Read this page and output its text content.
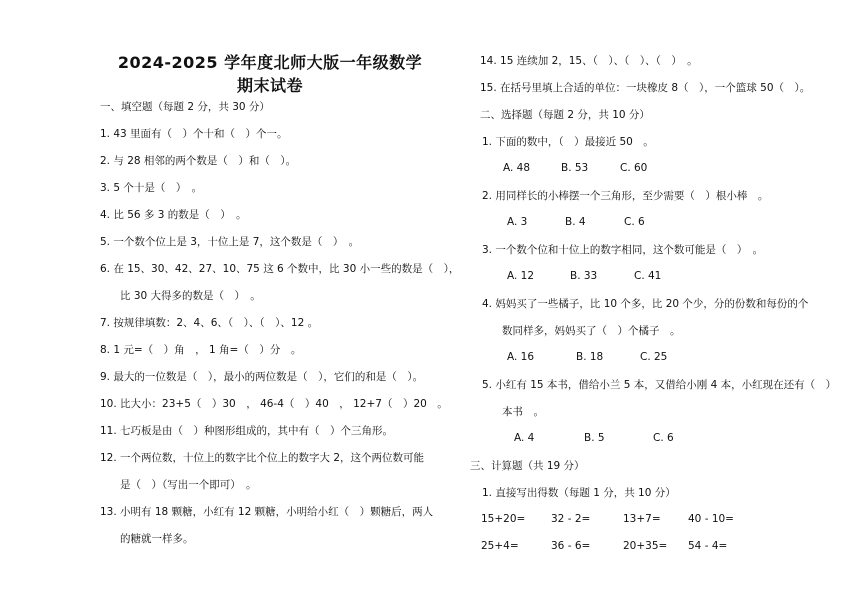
2024-2025 学年度北师大版一年级数学
期末试卷
一、填空题（每题 2 分，共 30 分）
1. 43 里面有（　）个十和（　）个一。
2. 与 28 相邻的两个数是（　）和（　）。
3. 5 个十是（　）　。
4. 比 56 多 3 的数是（　）　。
5. 一个数个位上是 3，十位上是 7，这个数是（　）　。
6. 在 15、30、42、27、10、75 这 6 个数中，比 30 小一些的数是（　），
比 30 大得多的数是（　）　。
7. 按规律填数：2、4、6、（　）、（　）、12 。
8. 1 元=（　）角　， 1 角=（　）分　。
9. 最大的一位数是（　），最小的两位数是（　），它们的和是（　）。
10. 比大小：23+5（　）30　， 46-4（　）40　， 12+7（　）20　。
11. 七巧板是由（　）种图形组成的，其中有（　）个三角形。
12. 一个两位数，十位上的数字比个位上的数字大 2，这个两位数可能
是（　）（写出一个即可）　。
13. 小明有 18 颗糖，小红有 12 颗糖，小明给小红（　）颗糖后，两人
的糖就一样多。
14. 15 连续加 2，15、（　）、（　）、（　）　。
15. 在括号里填上合适的单位：一块橡皮 8（　），一个篮球 50（　）。
二、选择题（每题 2 分，共 10 分）
1. 下面的数中，（　）最接近 50　。
A. 48	B. 53	C. 60
2. 用同样长的小棒摆一个三角形，至少需要（　）根小棒　。
A. 3	B. 4	C. 6
3. 一个数个位和十位上的数字相同，这个数可能是（　）　。
A. 12	B. 33	C. 41
4. 妈妈买了一些橘子，比 10 个多，比 20 个少，分的份数和每份的个
数同样多，妈妈买了（　）个橘子　。
A. 16	B. 18	C. 25
5. 小红有 15 本书，借给小兰 5 本，又借给小刚 4 本，小红现在还有（　）
本书　。
A. 4	B. 5	C. 6
三、计算题（共 19 分）
1. 直接写出得数（每题 1 分，共 10 分）
15+20= 32 - 2=	13+7=	40 - 10=
25+4=	36 - 6=	20+35= 54 - 4=
